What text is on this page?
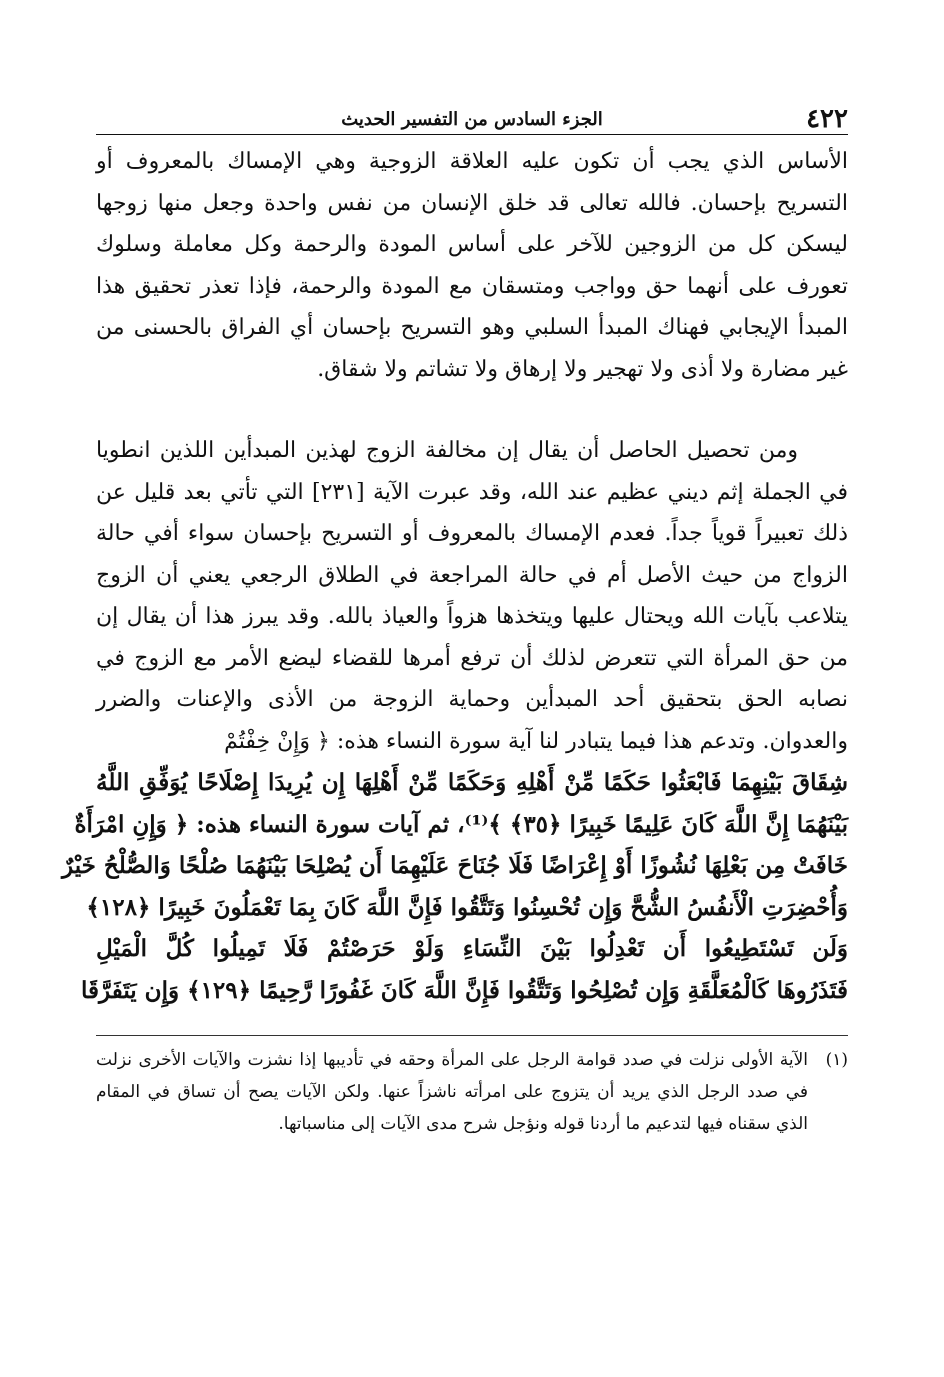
٤٢٢
الجزء السادس من التفسير الحديث

الأساس الذي يجب أن تكون عليه العلاقة الزوجية وهي الإمساك بالمعروف أو التسريح بإحسان. فالله تعالى قد خلق الإنسان من نفس واحدة وجعل منها زوجها ليسكن كل من الزوجين للآخر على أساس المودة والرحمة وكل معاملة وسلوك تعورف على أنهما حق وواجب ومتسقان مع المودة والرحمة، فإذا تعذر تحقيق هذا المبدأ الإيجابي فهناك المبدأ السلبي وهو التسريح بإحسان أي الفراق بالحسنى من غير مضارة ولا أذى ولا تهجير ولا إرهاق ولا تشاتم ولا شقاق.

ومن تحصيل الحاصل أن يقال إن مخالفة الزوج لهذين المبدأين اللذين انطويا في الجملة إثم ديني عظيم عند الله، وقد عبرت الآية [٢٣١] التي تأتي بعد قليل عن ذلك تعبيراً قوياً جداً. فعدم الإمساك بالمعروف أو التسريح بإحسان سواء أفي حالة الزواج من حيث الأصل أم في حالة المراجعة في الطلاق الرجعي يعني أن الزوج يتلاعب بآيات الله ويحتال عليها ويتخذها هزواً والعياذ بالله. وقد يبرز هذا أن يقال إن من حق المرأة التي تتعرض لذلك أن ترفع أمرها للقضاء ليضع الأمر مع الزوج في نصابه الحق بتحقيق أحد المبدأين وحماية الزوجة من الأذى والإعنات والضرر والعدوان. وتدعم هذا فيما يتبادر لنا آية سورة النساء هذه: ﴿ وَإِنْ خِفْتُمْ

شِقَاقَ بَيْنِهِمَا فَابْعَثُوا حَكَمًا مِّنْ أَهْلِهِ وَحَكَمًا مِّنْ أَهْلِهَا إِن يُرِيدَا إِصْلَاحًا يُوَفِّقِ اللَّهُ

بَيْنَهُمَا إِنَّ اللَّهَ كَانَ عَلِيمًا خَبِيرًا ﴿٣٥﴾ ﴾⁽¹⁾، ثم آيات سورة النساء هذه: ﴿ وَإِنِ امْرَأَةٌ

خَافَتْ مِن بَعْلِهَا نُشُوزًا أَوْ إِعْرَاضًا فَلَا جُنَاحَ عَلَيْهِمَا أَن يُصْلِحَا بَيْنَهُمَا صُلْحًا وَالصُّلْحُ خَيْرٌ

وَأُحْضِرَتِ الْأَنفُسُ الشُّحَّ وَإِن تُحْسِنُوا وَتَتَّقُوا فَإِنَّ اللَّهَ كَانَ بِمَا تَعْمَلُونَ خَبِيرًا ﴿١٢٨﴾

وَلَن تَسْتَطِيعُوا أَن تَعْدِلُوا بَيْنَ النِّسَاءِ وَلَوْ حَرَصْتُمْ فَلَا تَمِيلُوا كُلَّ الْمَيْلِ

فَتَذَرُوهَا كَالْمُعَلَّقَةِ وَإِن تُصْلِحُوا وَتَتَّقُوا فَإِنَّ اللَّهَ كَانَ غَفُورًا رَّحِيمًا ﴿١٢٩﴾ وَإِن يَتَفَرَّقَا

(١)
الآية الأولى نزلت في صدد قوامة الرجل على المرأة وحقه في تأديبها إذا نشزت والآيات الأخرى نزلت في صدد الرجل الذي يريد أن يتزوج على امرأته ناشزاً عنها. ولكن الآيات يصح أن تساق في المقام الذي سقناه فيها لتدعيم ما أردنا قوله ونؤجل شرح مدى الآيات إلى مناسباتها.
